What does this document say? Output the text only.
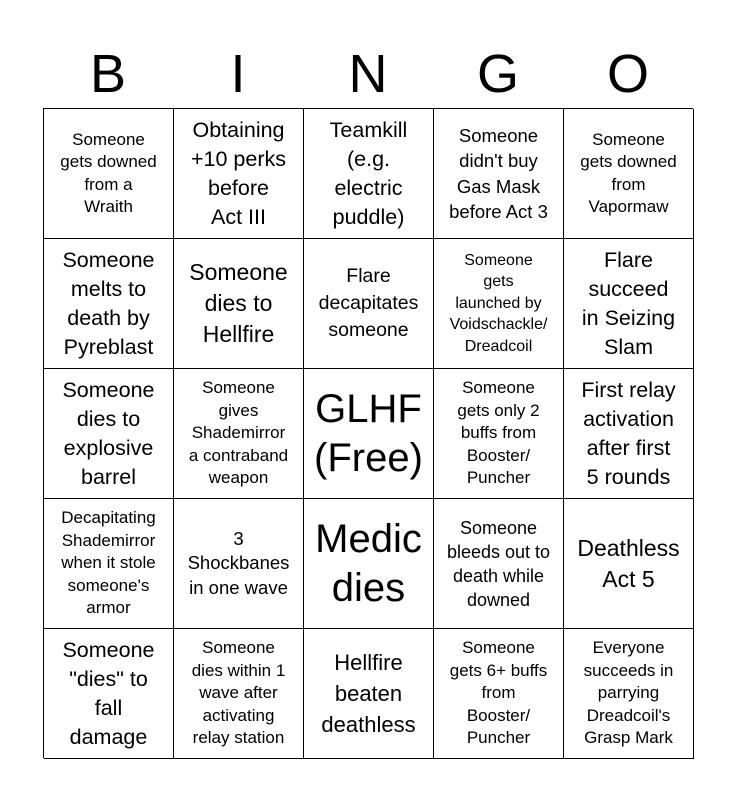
B	I	N	G	O
Someone
gets downed
from a
Wraith
Obtaining
+10 perks
before
Act III
Teamkill
(e.g.
electric
puddle)
Someone
didn't buy
Gas Mask
before Act 3
Someone
gets downed
from
Vapormaw
Someone
melts to
death by
Pyreblast
Someone
dies to
Hellfire
Flare
decapitates
someone
Someone
gets
launched by
Voidschackle/
Dreadcoil
Flare
succeed
in Seizing
Slam
Someone
dies to
explosive
barrel
Someone
gives
Shademirror
a contraband
weapon
GLHF
(Free)
Someone
gets only 2
buffs from
Booster/
Puncher
First relay
activation
after first
5 rounds
Decapitating
Shademirror
when it stole
someone's
armor
3
Shockbanes
in one wave
Medic
dies
Someone
bleeds out to
death while
downed
Deathless
Act 5
Someone
"dies" to
fall
damage
Someone
dies within 1
wave after
activating
relay station
Hellfire
beaten
deathless
Someone
gets 6+ buffs
from
Booster/
Puncher
Everyone
succeeds in
parrying
Dreadcoil's
Grasp Mark
